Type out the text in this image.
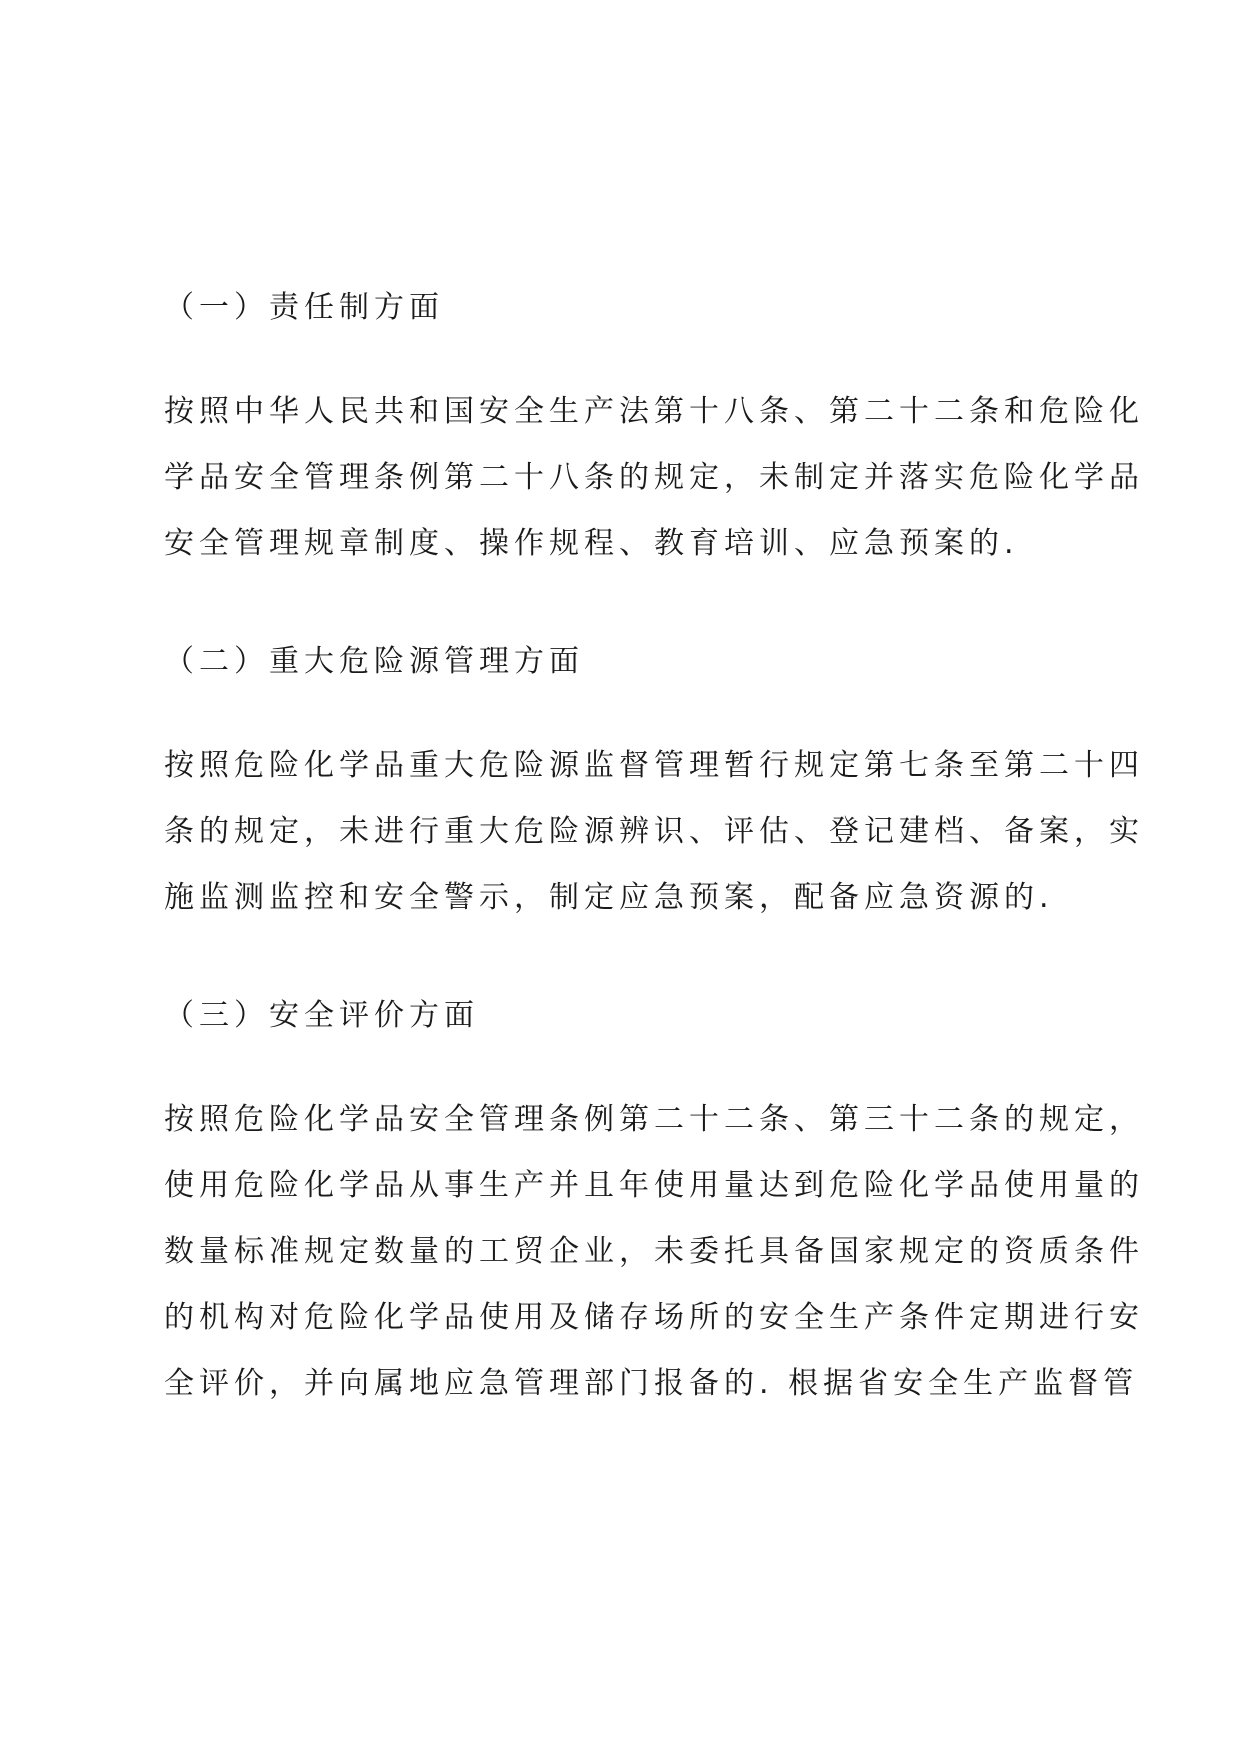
（一）责任制方面
按照中华人民共和国安全生产法第十八条、第二十二条和危险化
学品安全管理条例第二十八条的规定，未制定并落实危险化学品
安全管理规章制度、操作规程、教育培训、应急预案的.
（二）重大危险源管理方面
按照危险化学品重大危险源监督管理暂行规定第七条至第二十四
条的规定，未进行重大危险源辨识、评估、登记建档、备案，实
施监测监控和安全警示，制定应急预案，配备应急资源的.
（三）安全评价方面
按照危险化学品安全管理条例第二十二条、第三十二条的规定，
使用危险化学品从事生产并且年使用量达到危险化学品使用量的
数量标准规定数量的工贸企业，未委托具备国家规定的资质条件
的机构对危险化学品使用及储存场所的安全生产条件定期进行安
全评价，并向属地应急管理部门报备的. 根据省安全生产监督管
